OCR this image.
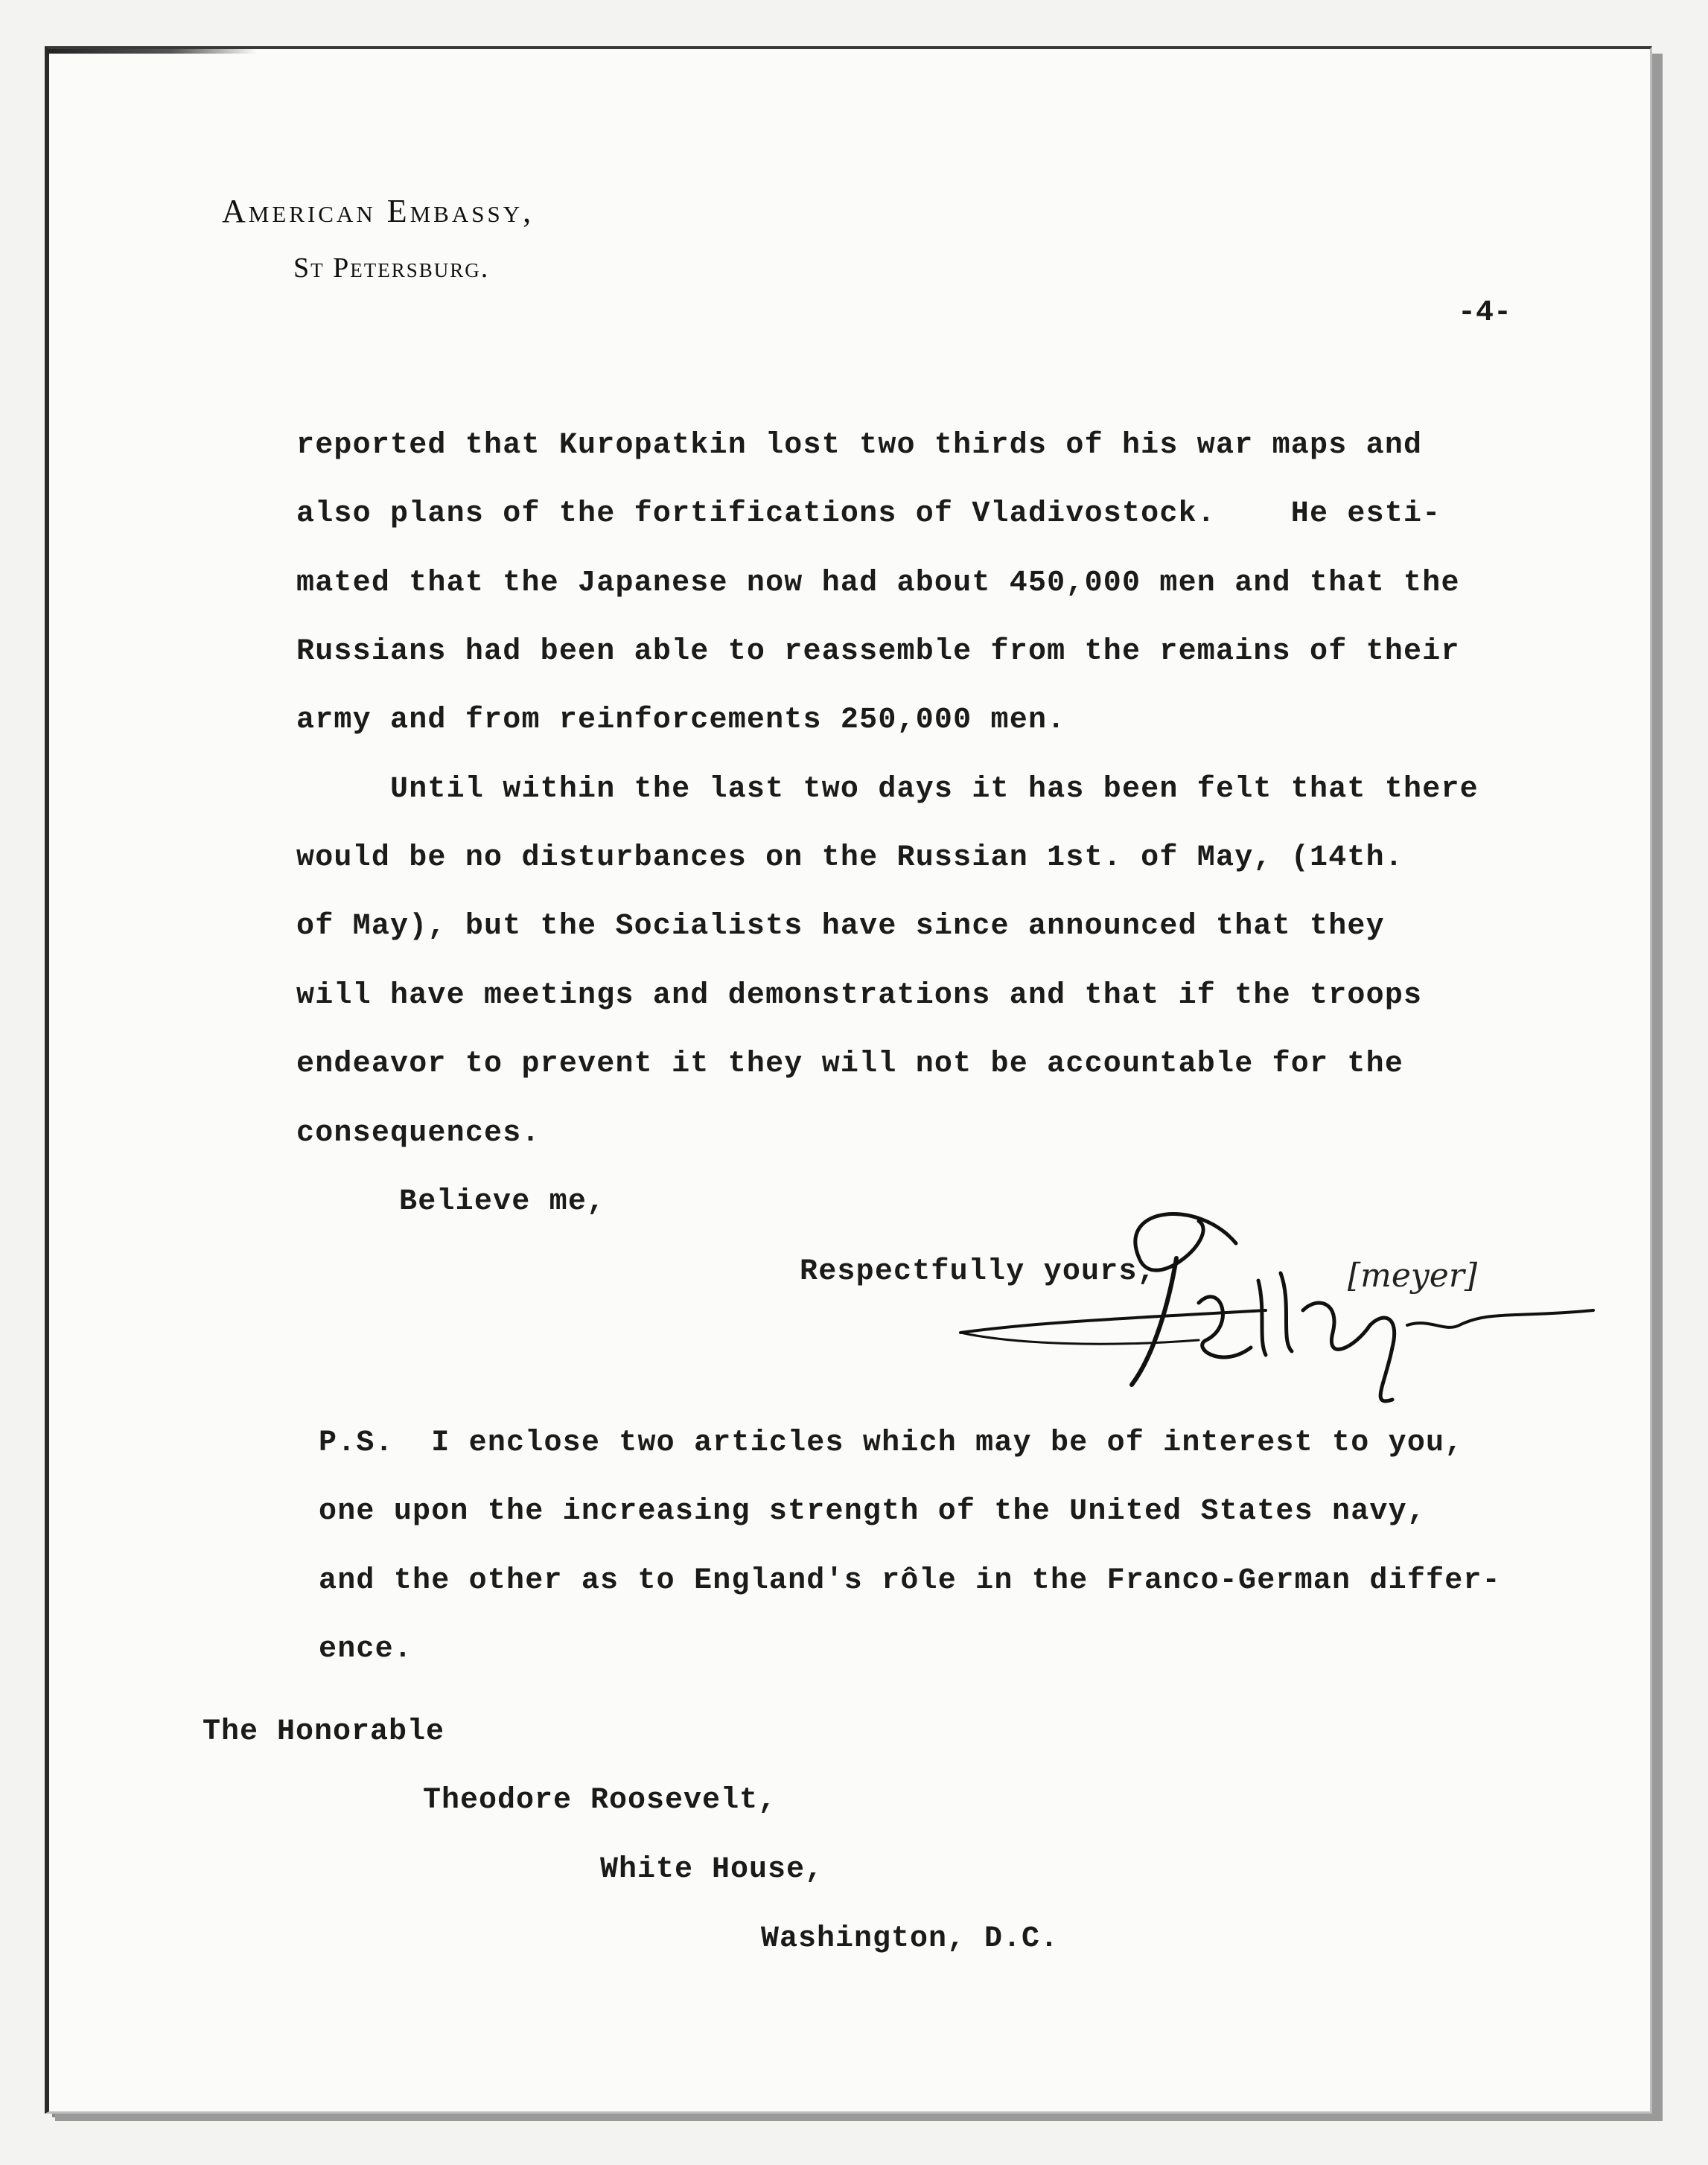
American Embassy,
St Petersburg.
-4-
reported that Kuropatkin lost two thirds of his war maps and
also plans of the fortifications of Vladivostock.    He esti-
mated that the Japanese now had about 450,000 men and that the
Russians had been able to reassemble from the remains of their
army and from reinforcements 250,000 men.
Until within the last two days it has been felt that there
would be no disturbances on the Russian 1st. of May, (14th.
of May), but the Socialists have since announced that they
will have meetings and demonstrations and that if the troops
endeavor to prevent it they will not be accountable for the
consequences.
Believe me,
Respectfully yours,	[meyer]
P.S.  I enclose two articles which may be of interest to you,
one upon the increasing strength of the United States navy,
and the other as to England's rôle in the Franco-German differ-
ence.
The Honorable
Theodore Roosevelt,
White House,
Washington, D.C.
